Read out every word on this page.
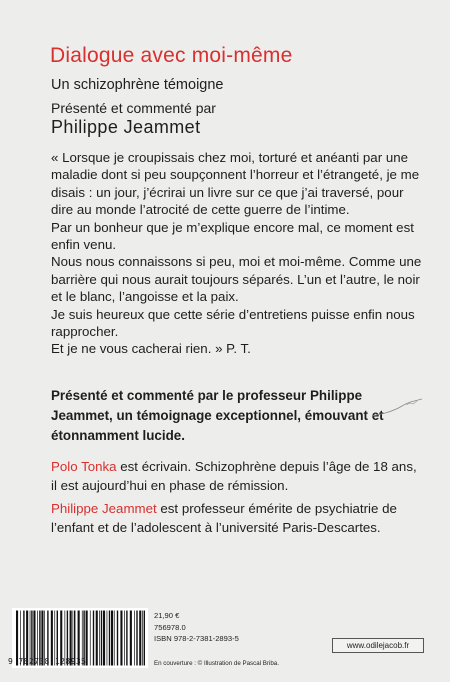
Dialogue avec moi-même
Un schizophrène témoigne
Présenté et commenté par
Philippe Jeammet

« Lorsque je croupissais chez moi, torturé et anéanti par une maladie dont si peu soupçonnent l’horreur et l’étrangeté, je me disais : un jour, j’écrirai un livre sur ce que j’ai traversé, pour dire au monde l’atrocité de cette guerre de l’intime.

Par un bonheur que je m’explique encore mal, ce moment est enfin venu.

Nous nous connaissons si peu, moi et moi-même. Comme une barrière qui nous aurait toujours séparés. L’un et l’autre, le noir et le blanc, l’angoisse et la paix.

Je suis heureux que cette série d’entretiens puisse enfin nous rapprocher.

Et je ne vous cacherai rien. » P. T.

Présenté et commenté par le professeur Philippe Jeammet, un témoignage exceptionnel, émouvant et étonnamment lucide.

Polo Tonka est écrivain. Schizophrène depuis l’âge de 18 ans, il est aujourd’hui en phase de rémission.

Philippe Jeammet est professeur émérite de psychiatrie de l’enfant et de l’adolescent à l’université Paris-Descartes.

9 782738 128935
21,90 €
756978.0
ISBN 978-2-7381-2893-5
En couverture : © Illustration de Pascal Briba.
www.odilejacob.fr
